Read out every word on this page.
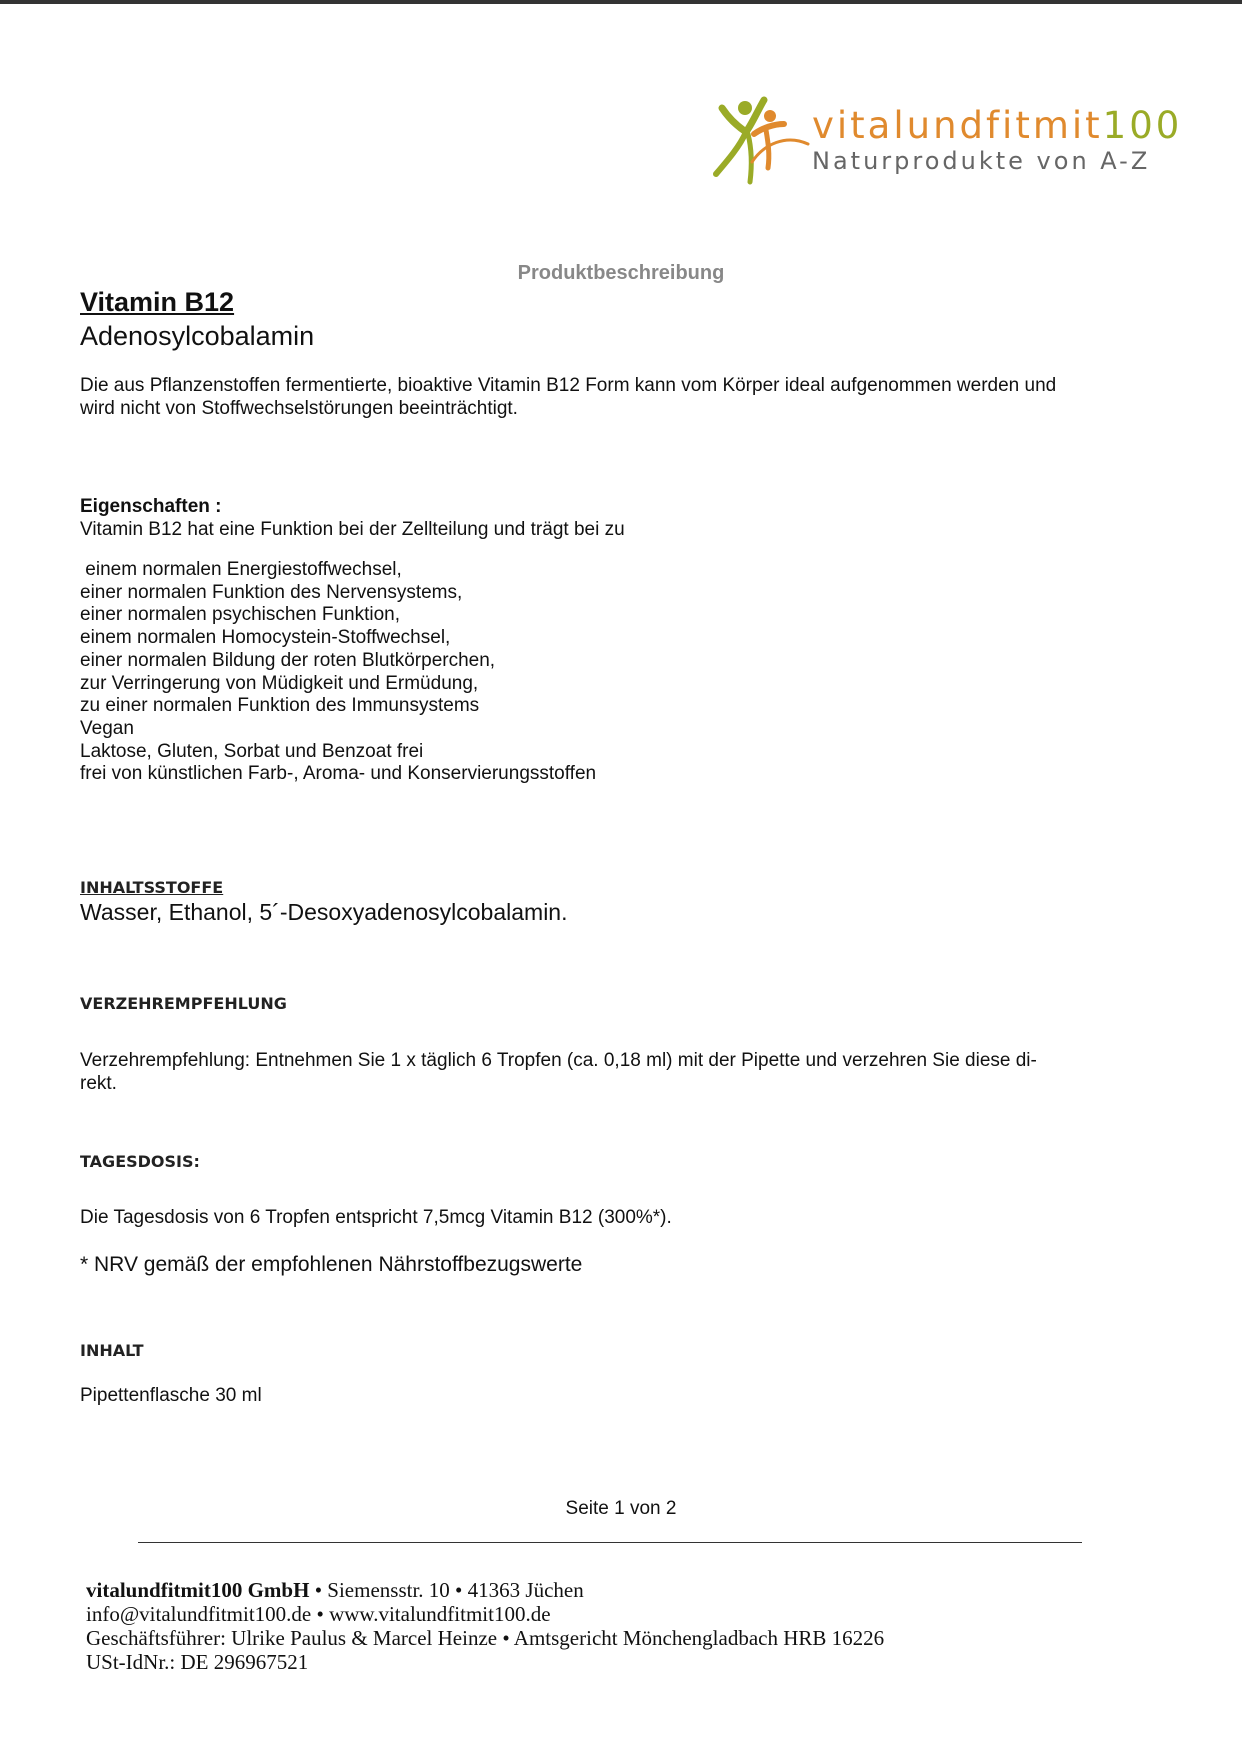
vitalundfitmit100
Naturprodukte von A-Z
Produktbeschreibung
Vitamin B12
Adenosylcobalamin
Die aus Pflanzenstoffen fermentierte, bioaktive Vitamin B12 Form kann vom Körper ideal aufgenommen werden und
wird nicht von Stoffwechselstörungen beeinträchtigt.
Eigenschaften :
Vitamin B12 hat eine Funktion bei der Zellteilung und trägt bei zu
einem normalen Energiestoffwechsel,
einer normalen Funktion des Nervensystems,
einer normalen psychischen Funktion,
einem normalen Homocystein-Stoffwechsel,
einer normalen Bildung der roten Blutkörperchen,
zur Verringerung von Müdigkeit und Ermüdung,
zu einer normalen Funktion des Immunsystems
Vegan
Laktose, Gluten, Sorbat und Benzoat frei
frei von künstlichen Farb-, Aroma- und Konservierungsstoffen
INHALTSSTOFFE
Wasser, Ethanol, 5´-Desoxyadenosylcobalamin.
VERZEHREMPFEHLUNG
Verzehrempfehlung: Entnehmen Sie 1 x täglich 6 Tropfen (ca. 0,18 ml) mit der Pipette und verzehren Sie diese di-
rekt.
TAGESDOSIS:
Die Tagesdosis von 6 Tropfen entspricht 7,5mcg Vitamin B12 (300%*).
* NRV gemäß der empfohlenen Nährstoffbezugswerte
INHALT
Pipettenflasche 30 ml
Seite 1 von 2
vitalundfitmit100 GmbH • Siemensstr. 10 • 41363 Jüchen
info@vitalundfitmit100.de • www.vitalundfitmit100.de
Geschäftsführer: Ulrike Paulus & Marcel Heinze • Amtsgericht Mönchengladbach HRB 16226
USt-IdNr.: DE 296967521
